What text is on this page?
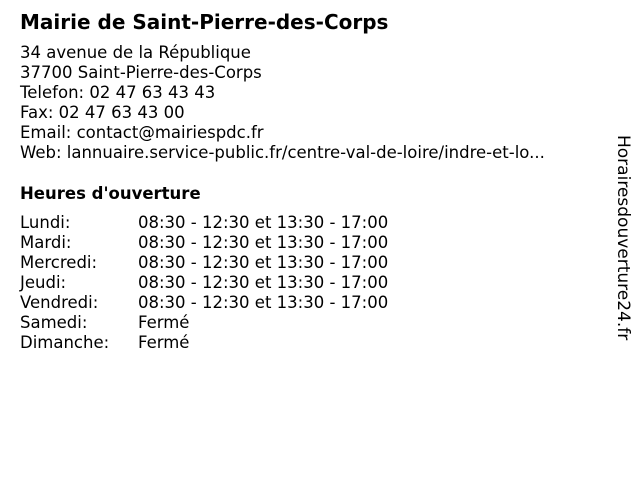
Mairie de Saint-Pierre-des-Corps
34 avenue de la République
37700 Saint-Pierre-des-Corps
Telefon: 02 47 63 43 43
Fax: 02 47 63 43 00
Email: contact@mairiespdc.fr
Web: lannuaire.service-public.fr/centre-val-de-loire/indre-et-lo...
Heures d'ouverture
Lundi:	08:30 - 12:30 et 13:30 - 17:00
Mardi:	08:30 - 12:30 et 13:30 - 17:00
Mercredi:	08:30 - 12:30 et 13:30 - 17:00
Jeudi:	08:30 - 12:30 et 13:30 - 17:00
Vendredi:	08:30 - 12:30 et 13:30 - 17:00
Samedi:	Fermé
Dimanche:	Fermé
Horairesdouverture24.fr
